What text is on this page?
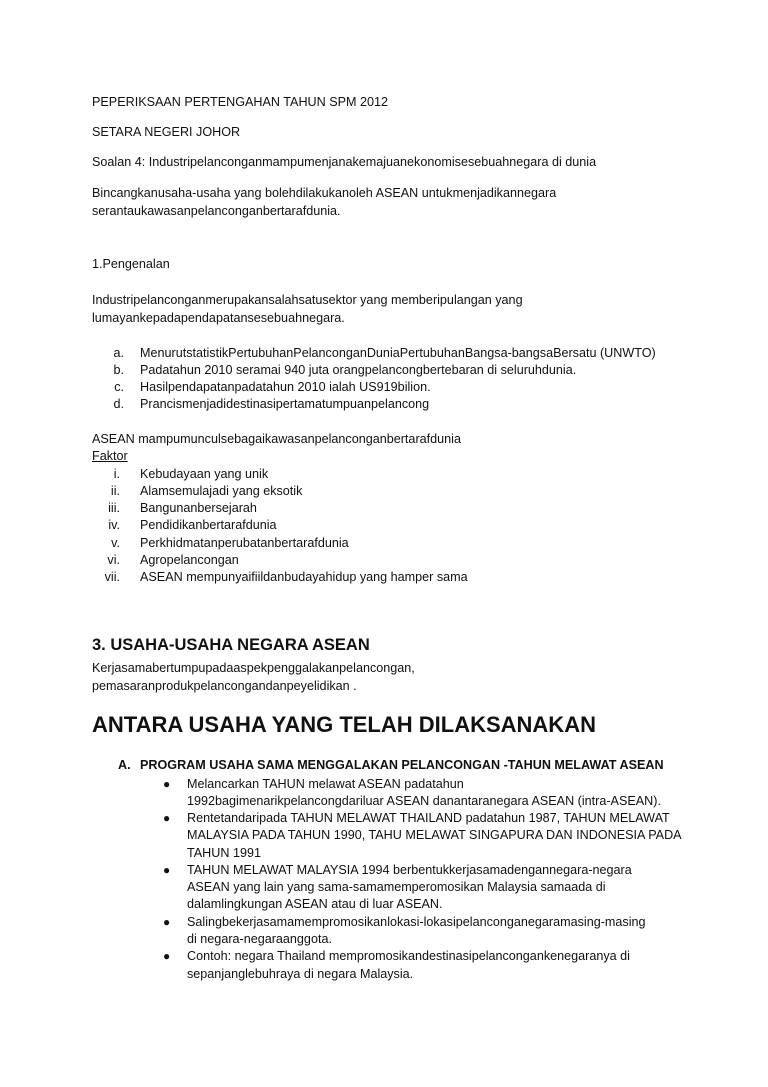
PEPERIKSAAN PERTENGAHAN TAHUN SPM 2012
SETARA NEGERI JOHOR
Soalan 4: Industripelanconganmampumenjanakemajuanekonomisesebuahnegara di dunia
Bincangkanusaha-usaha yang bolehdilakukanoleh ASEAN untukmenjadikannegara
serantaukawasanpelanconganbertarafdunia.
1.Pengenalan
Industripelanconganmerupakansalahsatusektor yang memberipulangan yang
lumayankepadapendapatansesebuahnegara.
a. MenurutstatistikPertubuhanPelanconganDuniaPertubuhanBangsa-bangsaBersatu (UNWTO)
b. Padatahun 2010 seramai 940 juta orangpelancongbertebaran di seluruhdunia.
c. Hasilpendapatanpadatahun 2010 ialah US919bilion.
d. Prancismenjadidestinasipertamatumpuanpelancong
ASEAN mampumunculsebagaikawasanpelanconganbertarafdunia
Faktor
i. Kebudayaan yang unik
ii. Alamsemulajadi yang eksotik
iii. Bangunanbersejarah
iv. Pendidikanbertarafdunia
v. Perkhidmatanperubatanbertarafdunia
vi. Agropelancongan
vii. ASEAN mempunyaifiildanbudayahidup yang hamper sama
3. USAHA-USAHA NEGARA ASEAN
Kerjasamabertumpupadaaspekpenggalakanpelancongan,
pemasaranprodukpelancongandanpeyelidikan .
ANTARA USAHA YANG TELAH DILAKSANAKAN
A. PROGRAM USAHA SAMA MENGGALAKAN PELANCONGAN -TAHUN MELAWAT ASEAN
● Melancarkan TAHUN melawat ASEAN padatahun
1992bagimenarikpelancongdariluar ASEAN danantaranegara ASEAN (intra-ASEAN).
● Rentetandaripada TAHUN MELAWAT THAILAND padatahun 1987, TAHUN MELAWAT
MALAYSIA PADA TAHUN 1990, TAHU MELAWAT SINGAPURA DAN INDONESIA PADA
TAHUN 1991
● TAHUN MELAWAT MALAYSIA 1994 berbentukkerjasamadengannegara-negara
ASEAN yang lain yang sama-samamemperomosikan Malaysia samaada di
dalamlingkungan ASEAN atau di luar ASEAN.
● Salingbekerjasamamempromosikanlokasi-lokasipelanconganegaramasing-masing
di negara-negaraanggota.
● Contoh: negara Thailand mempromosikandestinasipelancongankenegaranya di
sepanjanglebuhraya di negara Malaysia.
